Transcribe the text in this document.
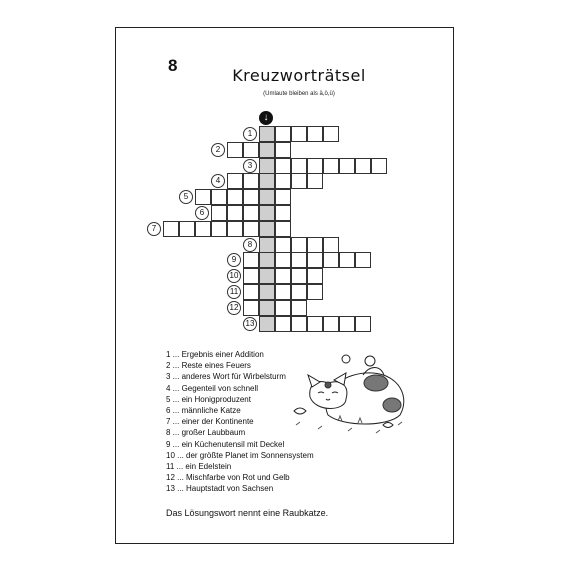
8
Kreuzworträtsel
(Umlaute bleiben als ä,ö,ü)
↓
1
2
3
4
5
6
7
8
9
10
11
12
13
1 ... Ergebnis einer Addition
2 ... Reste eines Feuers
3 ... anderes Wort für Wirbelsturm
4 ... Gegenteil von schnell
5 ... ein Honigproduzent
6 ... männliche Katze
7 ... einer der Kontinente
8 ... großer Laubbaum
9 ... ein Küchenutensil mit Deckel
10 ... der größte Planet im Sonnensystem
11 ... ein Edelstein
12 ... Mischfarbe von Rot und Gelb
13 ... Hauptstadt von Sachsen
Das Lösungswort nennt eine Raubkatze.
